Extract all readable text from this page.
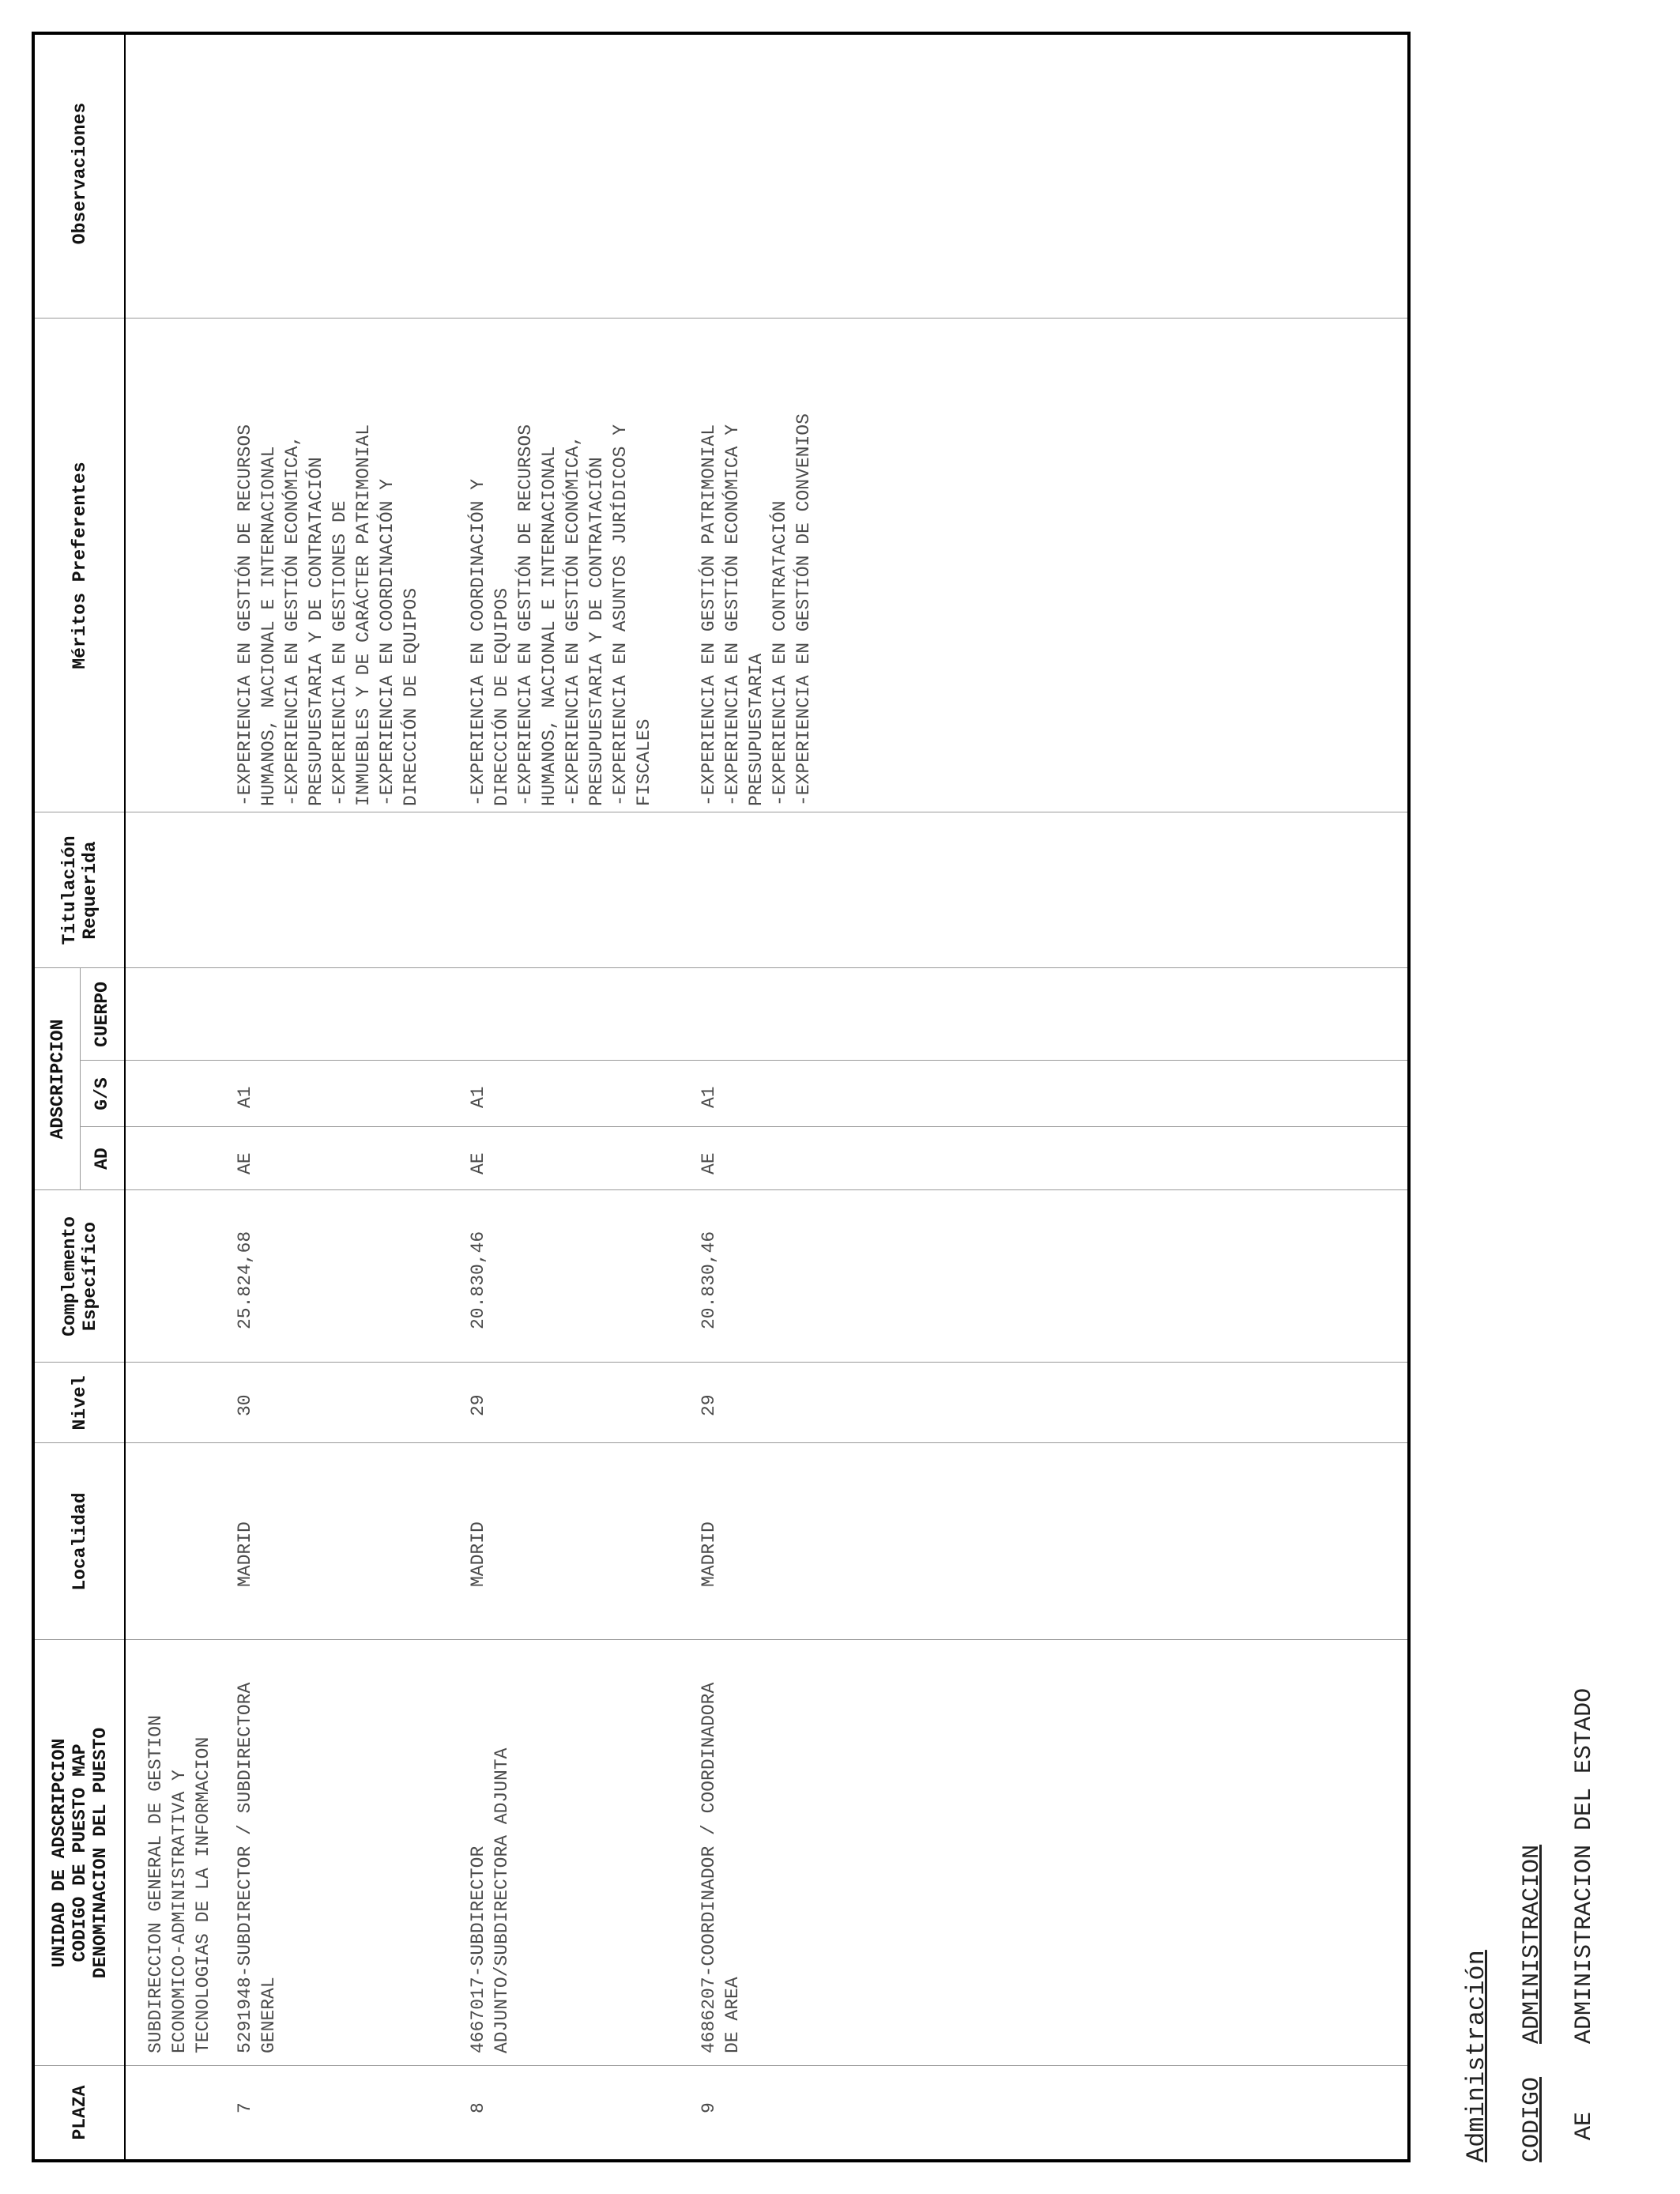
PLAZA
UNIDAD DE ADSCRIPCION CODIGO DE PUESTO MAP DENOMINACION DEL PUESTO
Localidad
Nivel
Complemento Específico
ADSCRIPCION
AD
G/S
CUERPO
Titulación Requerida
Méritos Preferentes
Observaciones
SUBDIRECCION GENERAL DE GESTION
ECONOMICO-ADMINISTRATIVA Y
TECNOLOGIAS DE LA INFORMACION
7
5291948-SUBDIRECTOR / SUBDIRECTORA
GENERAL
MADRID
30
25.824,68
AE
A1
-EXPERIENCIA EN GESTIÓN DE RECURSOS
HUMANOS, NACIONAL E INTERNACIONAL
-EXPERIENCIA EN GESTIÓN ECONÓMICA,
PRESUPUESTARIA Y DE CONTRATACIÓN
-EXPERIENCIA EN GESTIONES DE
INMUEBLES Y DE CARÁCTER PATRIMONIAL
-EXPERIENCIA EN COORDINACIÓN Y
DIRECCIÓN DE EQUIPOS
8
4667017-SUBDIRECTOR
ADJUNTO/SUBDIRECTORA ADJUNTA
MADRID
29
20.830,46
AE
A1
-EXPERIENCIA EN COORDINACIÓN Y
DIRECCIÓN DE EQUIPOS
-EXPERIENCIA EN GESTIÓN DE RECURSOS
HUMANOS, NACIONAL E INTERNACIONAL
-EXPERIENCIA EN GESTIÓN ECONÓMICA,
PRESUPUESTARIA Y DE CONTRATACIÓN
-EXPERIENCIA EN ASUNTOS JURÍDICOS Y
FISCALES
9
4686207-COORDINADOR / COORDINADORA
DE AREA
MADRID
29
20.830,46
AE
A1
-EXPERIENCIA EN GESTIÓN PATRIMONIAL
-EXPERIENCIA EN GESTIÓN ECONÓMICA Y
PRESUPUESTARIA
-EXPERIENCIA EN CONTRATACIÓN
-EXPERIENCIA EN GESTIÓN DE CONVENIOS
Administración CODIGO
ADMINISTRACION
AE
ADMINISTRACION DEL ESTADO
